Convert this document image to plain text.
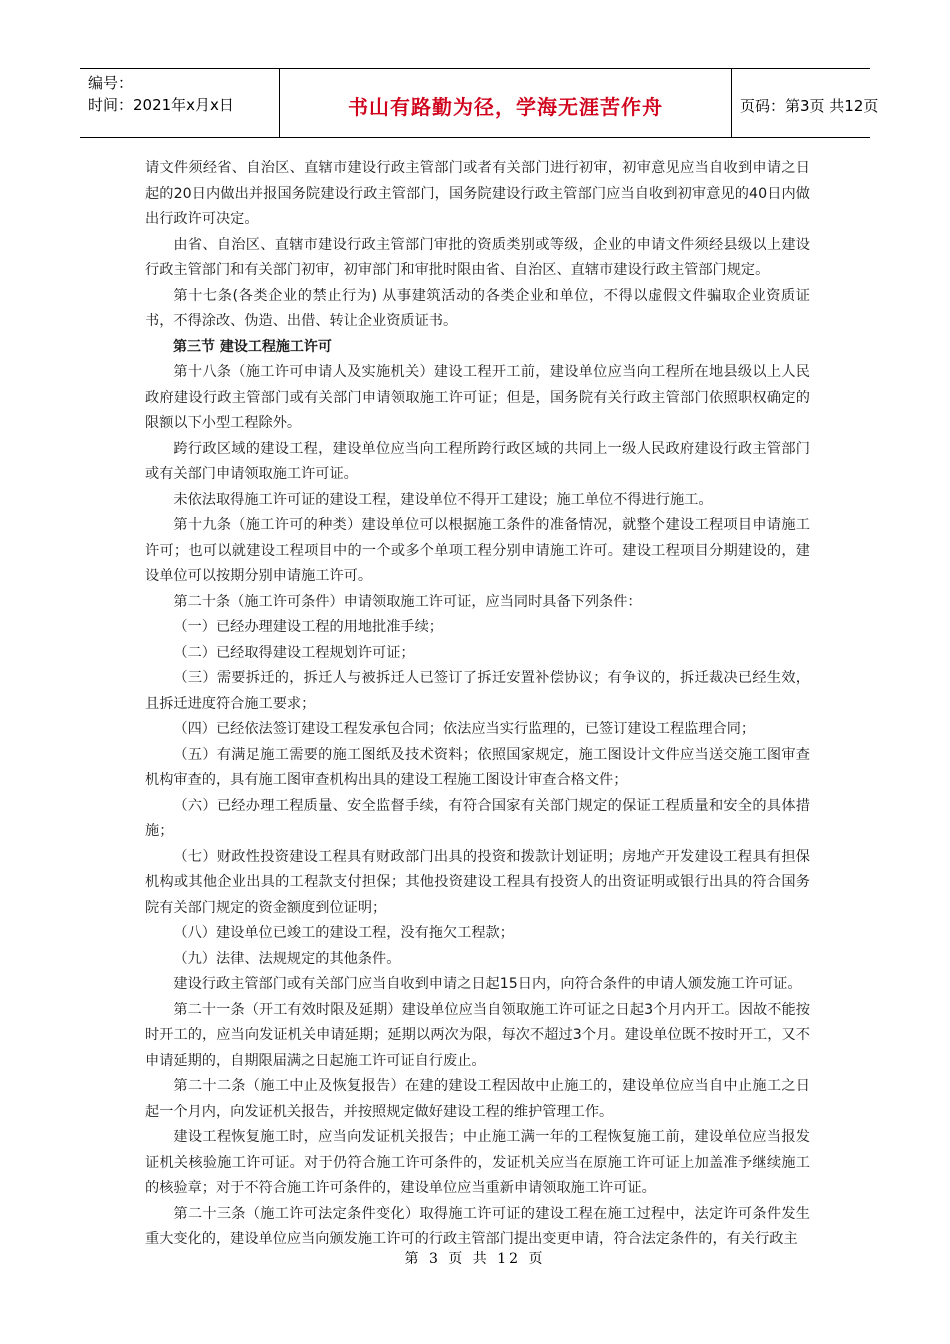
编号：
时间：2021年x月x日	书山有路勤为径，学海无涯苦作舟	页码：第3页 共12页

请文件须经省、自治区、直辖市建设行政主管部门或者有关部门进行初审，初审意见应当自收到申请之日起的20日内做出并报国务院建设行政主管部门，国务院建设行政主管部门应当自收到初审意见的40日内做出行政许可决定。

由省、自治区、直辖市建设行政主管部门审批的资质类别或等级，企业的申请文件须经县级以上建设行政主管部门和有关部门初审，初审部门和审批时限由省、自治区、直辖市建设行政主管部门规定。

第十七条(各类企业的禁止行为) 从事建筑活动的各类企业和单位，不得以虚假文件骗取企业资质证书，不得涂改、伪造、出借、转让企业资质证书。

第三节 建设工程施工许可

第十八条（施工许可申请人及实施机关）建设工程开工前，建设单位应当向工程所在地县级以上人民政府建设行政主管部门或有关部门申请领取施工许可证；但是，国务院有关行政主管部门依照职权确定的限额以下小型工程除外。

跨行政区域的建设工程，建设单位应当向工程所跨行政区域的共同上一级人民政府建设行政主管部门或有关部门申请领取施工许可证。

未依法取得施工许可证的建设工程，建设单位不得开工建设；施工单位不得进行施工。

第十九条（施工许可的种类）建设单位可以根据施工条件的准备情况，就整个建设工程项目申请施工许可；也可以就建设工程项目中的一个或多个单项工程分别申请施工许可。建设工程项目分期建设的，建设单位可以按期分别申请施工许可。

第二十条（施工许可条件）申请领取施工许可证，应当同时具备下列条件：

（一）已经办理建设工程的用地批准手续；

（二）已经取得建设工程规划许可证；

（三）需要拆迁的，拆迁人与被拆迁人已签订了拆迁安置补偿协议；有争议的，拆迁裁决已经生效，且拆迁进度符合施工要求；

（四）已经依法签订建设工程发承包合同；依法应当实行监理的，已签订建设工程监理合同；

（五）有满足施工需要的施工图纸及技术资料；依照国家规定，施工图设计文件应当送交施工图审查机构审查的，具有施工图审查机构出具的建设工程施工图设计审查合格文件；

（六）已经办理工程质量、安全监督手续，有符合国家有关部门规定的保证工程质量和安全的具体措施；

（七）财政性投资建设工程具有财政部门出具的投资和拨款计划证明；房地产开发建设工程具有担保机构或其他企业出具的工程款支付担保；其他投资建设工程具有投资人的出资证明或银行出具的符合国务院有关部门规定的资金额度到位证明；

（八）建设单位已竣工的建设工程，没有拖欠工程款；

（九）法律、法规规定的其他条件。

建设行政主管部门或有关部门应当自收到申请之日起15日内，向符合条件的申请人颁发施工许可证。

第二十一条（开工有效时限及延期）建设单位应当自领取施工许可证之日起3个月内开工。因故不能按时开工的，应当向发证机关申请延期；延期以两次为限，每次不超过3个月。建设单位既不按时开工，又不申请延期的，自期限届满之日起施工许可证自行废止。

第二十二条（施工中止及恢复报告）在建的建设工程因故中止施工的，建设单位应当自中止施工之日起一个月内，向发证机关报告，并按照规定做好建设工程的维护管理工作。

建设工程恢复施工时，应当向发证机关报告；中止施工满一年的工程恢复施工前，建设单位应当报发证机关核验施工许可证。对于仍符合施工许可条件的，发证机关应当在原施工许可证上加盖准予继续施工的核验章；对于不符合施工许可条件的，建设单位应当重新申请领取施工许可证。

第二十三条（施工许可法定条件变化）取得施工许可证的建设工程在施工过程中，法定许可条件发生重大变化的，建设单位应当向颁发施工许可的行政主管部门提出变更申请，符合法定条件的，有关行政主

第 3 页 共 12 页
